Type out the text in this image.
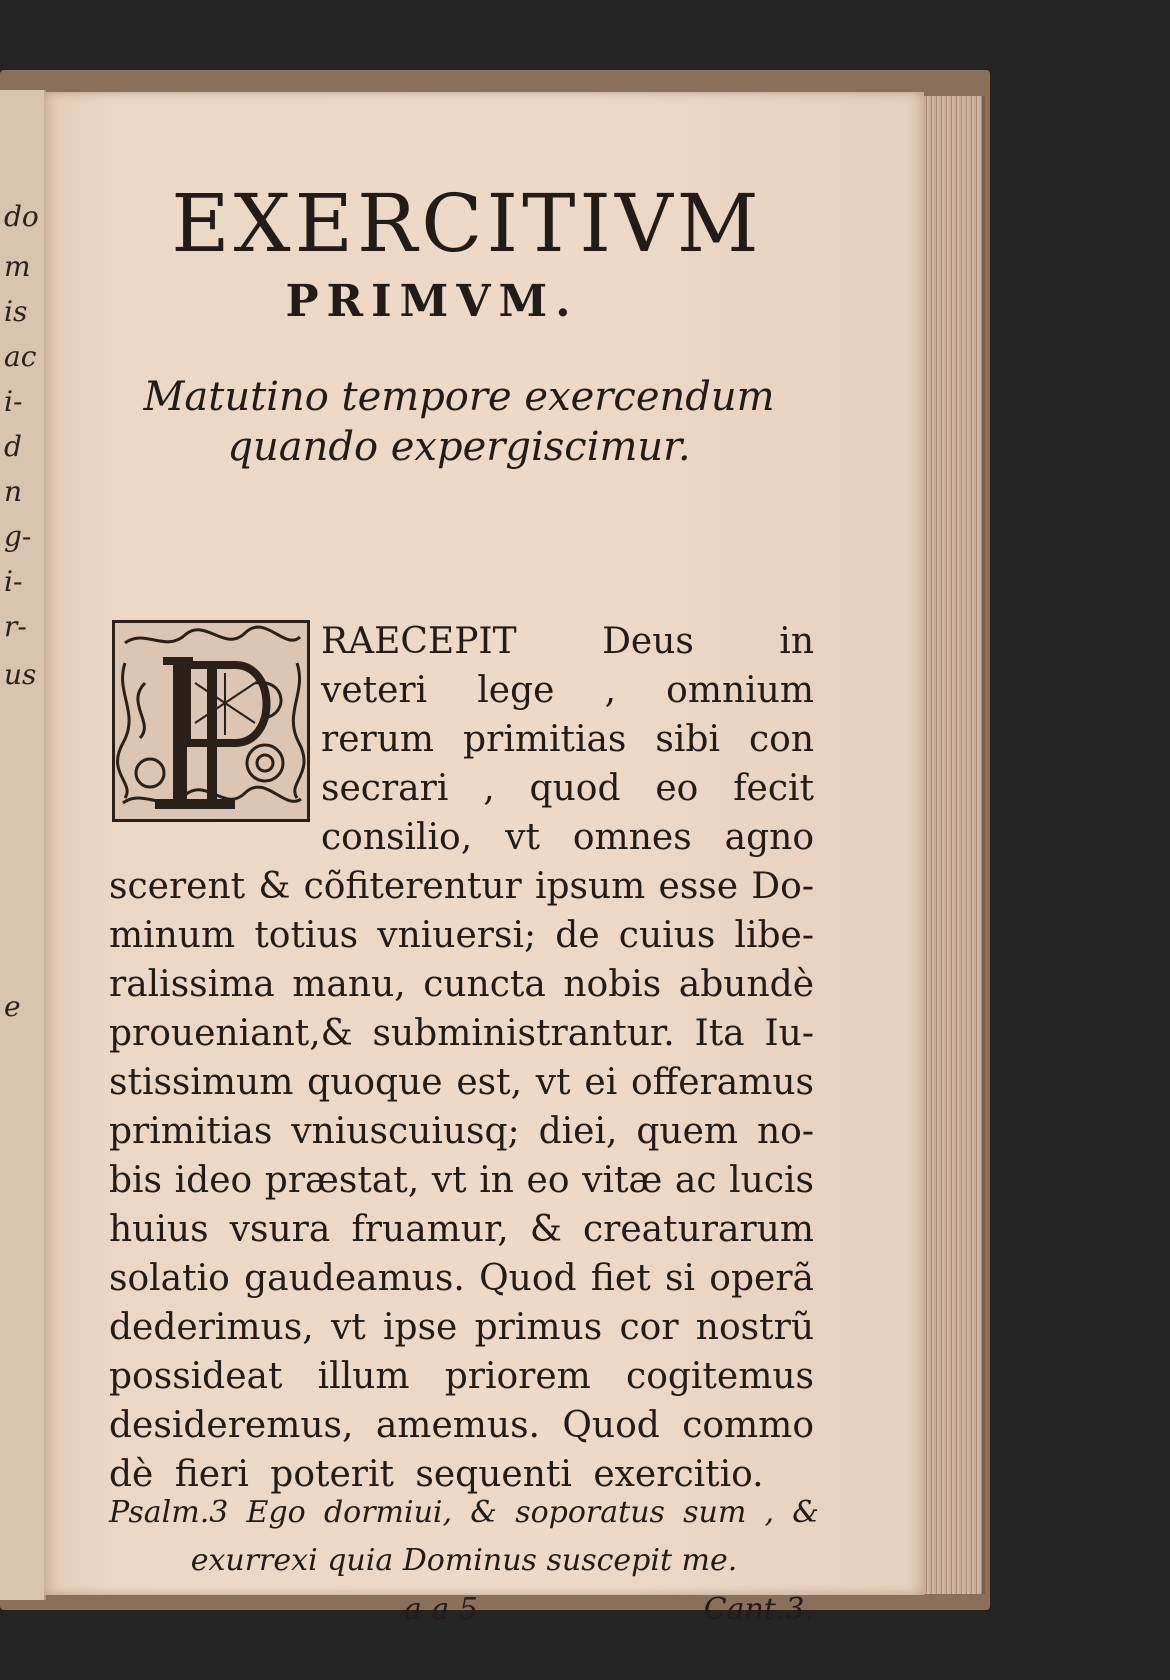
do
m
is
ac
i-
d
n
g-
i-
r-
us
e
EXERCITIVM
PRIMVM.
Matutino tempore exercendum
quando expergiscimur.
RAECEPIT Deus in
veteri lege , omnium
rerum primitias sibi con
secrari , quod eo fecit
consilio, vt omnes agno
scerent & cõfiterentur ipsum esse Do-
minum totius vniuersi; de cuius libe-
ralissima manu, cuncta nobis abundè
proueniant,& subministrantur. Ita Iu-
stissimum quoque est, vt ei offeramus
primitias vniuscuiusq; diei, quem no-
bis ideo præstat, vt in eo vitæ ac lucis
huius vsura fruamur, & creaturarum
solatio gaudeamus. Quod fiet si operã
dederimus, vt ipse primus cor nostrũ
possideat illum priorem cogitemus
desideremus, amemus. Quod commo
dè fieri poterit sequenti exercitio.
Psalm.3 Ego dormiui, & soporatus sum , &
exurrexi quia Dominus suscepit me.
a a 5	Cant.3.
